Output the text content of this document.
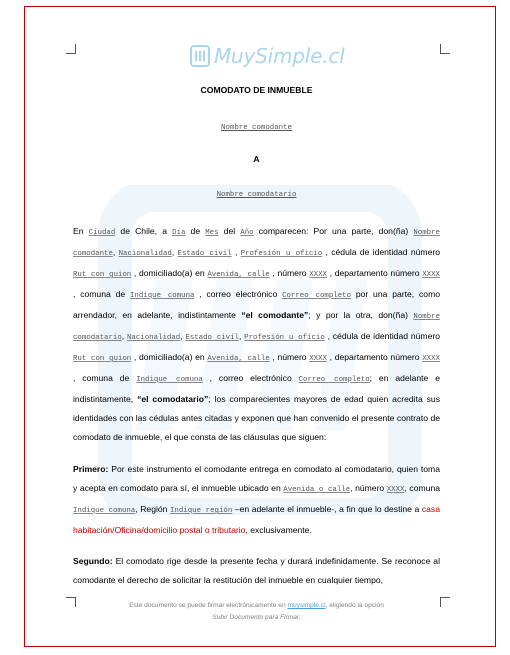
MuySimple.cl
COMODATO DE INMUEBLE
Nombre comodante
A
Nombre comodatario
En Ciudad de Chile, a Día de Mes del Año comparecen: Por una parte, don(ña) Nombre comodante, Nacionalidad, Estado civil , Profesión u oficio , cédula de identidad número Rut con guion , domiciliado(a) en Avenida, calle , número XXXX , departamento número XXXX , comuna de Indique comuna , correo electrónico Correo completo por una parte, como arrendador, en adelante, indistintamente “el comodante”; y por la otra, don(ña) Nombre comodatario, Nacionalidad, Estado civil, Profesión u oficio , cédula de identidad número Rut con guion , domiciliado(a) en Avenida, calle , número XXXX , departamento número XXXX , comuna de Indique comuna , correo electrónico Correo completo; en adelante e indistintamente, “el comodatario”; los comparecientes mayores de edad quien acredita sus identidades con las cédulas antes citadas y exponen que han convenido el presente contrato de comodato de inmueble, el que consta de las cláusulas que siguen:
Primero: Por este instrumento el comodante entrega en comodato al comodatario, quien toma y acepta en comodato para sí, el inmueble ubicado en Avenida o calle, número XXXX, comuna Indique comuna, Región Indique región –en adelante el inmueble-, a fin que lo destine a casa habitación/Oficina/domicilio postal o tributario, exclusivamente.
Segundo: El comodato rige desde la presente fecha y durará indefinidamente. Se reconoce al comodante el derecho de solicitar la restitución del inmueble en cualquier tiempo,
Este documento se puede firmar electrónicamente en muysimple.cl, eligiendo la opción
Subir Documento para Firmar.
